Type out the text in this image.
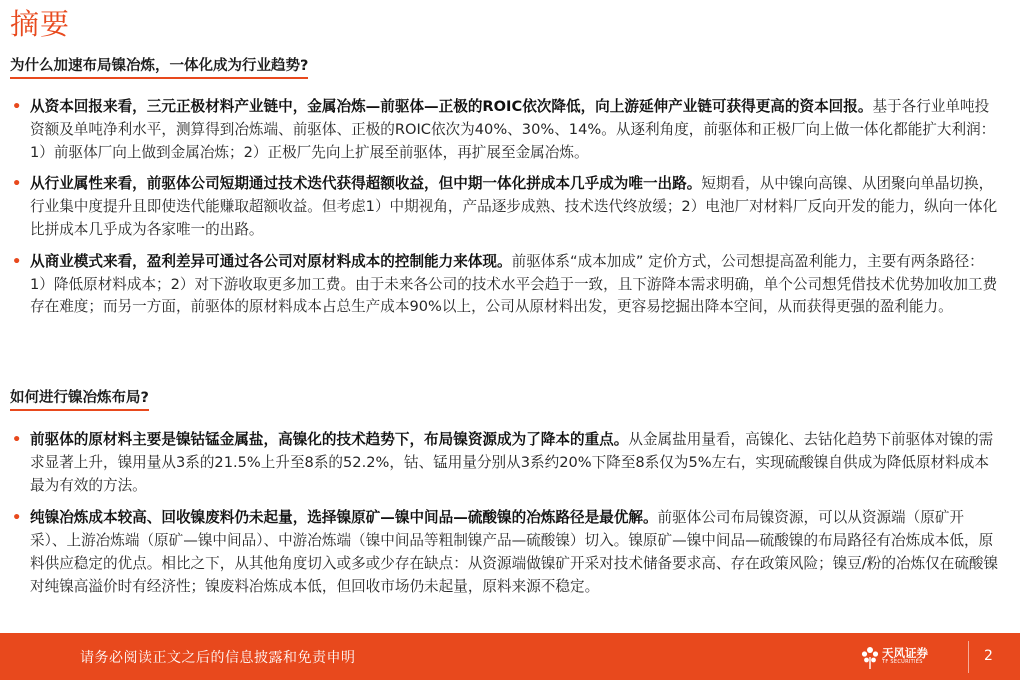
摘要
为什么加速布局镍冶炼，一体化成为行业趋势?
• 从资本回报来看，三元正极材料产业链中，金属冶炼—前驱体—正极的ROIC依次降低，向上游延伸产业链可获得更高的资本回报。基于各行业单吨投资额及单吨净利水平，测算得到冶炼端、前驱体、正极的ROIC依次为40%、30%、14%。从逐利角度，前驱体和正极厂向上做一体化都能扩大利润：1）前驱体厂向上做到金属冶炼；2）正极厂先向上扩展至前驱体，再扩展至金属冶炼。
• 从行业属性来看，前驱体公司短期通过技术迭代获得超额收益，但中期一体化拼成本几乎成为唯一出路。短期看，从中镍向高镍、从团聚向单晶切换，行业集中度提升且即使迭代能赚取超额收益。但考虑1）中期视角，产品逐步成熟、技术迭代终放缓；2）电池厂对材料厂反向开发的能力，纵向一体化比拼成本几乎成为各家唯一的出路。
• 从商业模式来看，盈利差异可通过各公司对原材料成本的控制能力来体现。前驱体系“成本加成” 定价方式，公司想提高盈利能力，主要有两条路径：1）降低原材料成本；2）对下游收取更多加工费。由于未来各公司的技术水平会趋于一致，且下游降本需求明确，单个公司想凭借技术优势加收加工费存在难度；而另一方面，前驱体的原材料成本占总生产成本90%以上，公司从原材料出发，更容易挖掘出降本空间，从而获得更强的盈利能力。
如何进行镍冶炼布局?
• 前驱体的原材料主要是镍钴锰金属盐，高镍化的技术趋势下，布局镍资源成为了降本的重点。从金属盐用量看，高镍化、去钴化趋势下前驱体对镍的需求显著上升，镍用量从3系的21.5%上升至8系的52.2%，钴、锰用量分别从3系约20%下降至8系仅为5%左右，实现硫酸镍自供成为降低原材料成本最为有效的方法。
• 纯镍冶炼成本较高、回收镍废料仍未起量，选择镍原矿—镍中间品—硫酸镍的冶炼路径是最优解。前驱体公司布局镍资源，可以从资源端（原矿开采）、上游冶炼端（原矿—镍中间品）、中游冶炼端（镍中间品等粗制镍产品—硫酸镍）切入。镍原矿—镍中间品—硫酸镍的布局路径有冶炼成本低，原料供应稳定的优点。相比之下，从其他角度切入或多或少存在缺点：从资源端做镍矿开采对技术储备要求高、存在政策风险；镍豆/粉的冶炼仅在硫酸镍对纯镍高溢价时有经济性；镍废料冶炼成本低，但回收市场仍未起量，原料来源不稳定。
请务必阅读正文之后的信息披露和免责申明	天风证券
TF SECURITIES	2
